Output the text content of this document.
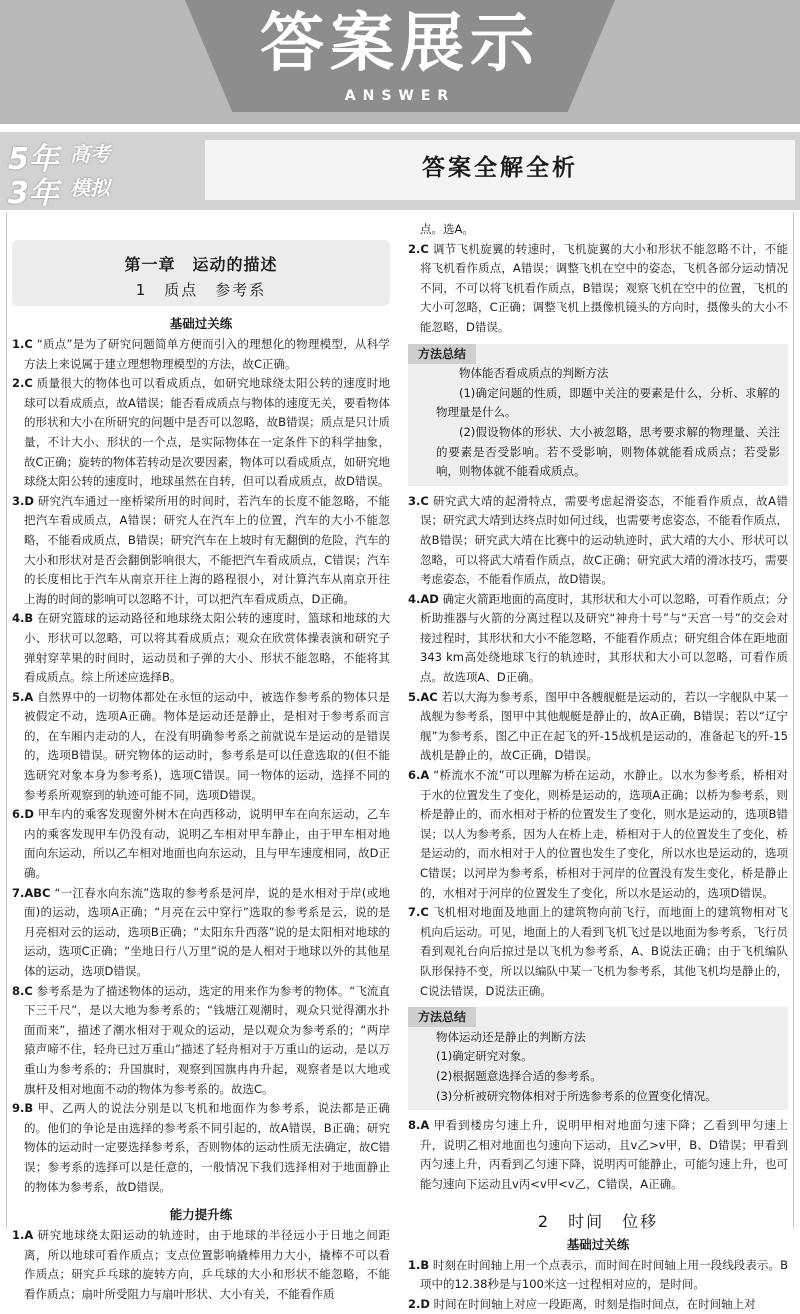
答案展示
ANSWER
5年 高考
3年 模拟
答案全解全析
第一章　运动的描述
1　质点　参考系
基础过关练

1.C “质点”是为了研究问题简单方便而引入的理想化的物理模型，从科学方法上来说属于建立理想物理模型的方法，故C正确。

2.C 质量很大的物体也可以看成质点，如研究地球绕太阳公转的速度时地球可以看成质点，故A错误；能否看成质点与物体的速度无关，要看物体的形状和大小在所研究的问题中是否可以忽略，故B错误；质点是只计质量，不计大小、形状的一个点，是实际物体在一定条件下的科学抽象，故C正确；旋转的物体若转动是次要因素，物体可以看成质点，如研究地球绕太阳公转的速度时，地球虽然在自转，但可以看成质点，故D错误。

3.D 研究汽车通过一座桥梁所用的时间时，若汽车的长度不能忽略，不能把汽车看成质点，A错误；研究人在汽车上的位置，汽车的大小不能忽略，不能看成质点，B错误；研究汽车在上坡时有无翻倒的危险，汽车的大小和形状对是否会翻倒影响很大，不能把汽车看成质点，C错误；汽车的长度相比于汽车从南京开往上海的路程很小，对计算汽车从南京开往上海的时间的影响可以忽略不计，可以把汽车看成质点，D正确。

4.B 在研究篮球的运动路径和地球绕太阳公转的速度时，篮球和地球的大小、形状可以忽略，可以将其看成质点；观众在欣赏体操表演和研究子弹射穿苹果的时间时，运动员和子弹的大小、形状不能忽略，不能将其看成质点。综上所述应选择B。

5.A 自然界中的一切物体都处在永恒的运动中，被选作参考系的物体只是被假定不动，选项A正确。物体是运动还是静止，是相对于参考系而言的，在车厢内走动的人，在没有明确参考系之前就说车是运动的是错误的，选项B错误。研究物体的运动时，参考系是可以任意选取的(但不能选研究对象本身为参考系)，选项C错误。同一物体的运动，选择不同的参考系所观察到的轨迹可能不同，选项D错误。

6.D 甲车内的乘客发现窗外树木在向西移动，说明甲车在向东运动，乙车内的乘客发现甲车仍没有动，说明乙车相对甲车静止，由于甲车相对地面向东运动，所以乙车相对地面也向东运动，且与甲车速度相同，故D正确。

7.ABC “一江春水向东流”选取的参考系是河岸，说的是水相对于岸(或地面)的运动，选项A正确；“月亮在云中穿行”选取的参考系是云，说的是月亮相对云的运动，选项B正确；“太阳东升西落”说的是太阳相对地球的运动，选项C正确；“坐地日行八万里”说的是人相对于地球以外的其他星体的运动，选项D错误。

8.C 参考系是为了描述物体的运动，选定的用来作为参考的物体。“飞流直下三千尺”，是以大地为参考系的；“钱塘江观潮时，观众只觉得潮水扑面而来”，描述了潮水相对于观众的运动，是以观众为参考系的；“两岸猿声啼不住，轻舟已过万重山”描述了轻舟相对于万重山的运动，是以万重山为参考系的；升国旗时，观察到国旗冉冉升起，观察者是以大地或旗杆及相对地面不动的物体为参考系的。故选C。

9.B 甲、乙两人的说法分别是以飞机和地面作为参考系，说法都是正确的。他们的争论是由选择的参考系不同引起的，故A错误，B正确；研究物体的运动时一定要选择参考系，否则物体的运动性质无法确定，故C错误；参考系的选择可以是任意的，一般情况下我们选择相对于地面静止的物体为参考系，故D错误。

能力提升练

1.A 研究地球绕太阳运动的轨迹时，由于地球的半径远小于日地之间距离，所以地球可看作质点；支点位置影响撬棒用力大小，撬棒不可以看作质点；研究乒乓球的旋转方向，乒乓球的大小和形状不能忽略，不能看作质点；扇叶所受阻力与扇叶形状、大小有关，不能看作质

点。选A。

2.C 调节飞机旋翼的转速时，飞机旋翼的大小和形状不能忽略不计，不能将飞机看作质点，A错误；调整飞机在空中的姿态，飞机各部分运动情况不同，不可以将飞机看作质点，B错误；观察飞机在空中的位置，飞机的大小可忽略，C正确；调整飞机上摄像机镜头的方向时，摄像头的大小不能忽略，D错误。

方法总结

物体能否看成质点的判断方法

(1)确定问题的性质，即题中关注的要素是什么，分析、求解的物理量是什么。

(2)假设物体的形状、大小被忽略，思考要求解的物理量、关注的要素是否受影响。若不受影响，则物体就能看成质点；若受影响，则物体就不能看成质点。

3.C 研究武大靖的起滑特点，需要考虑起滑姿态，不能看作质点，故A错误；研究武大靖到达终点时如何过线，也需要考虑姿态，不能看作质点，故B错误；研究武大靖在比赛中的运动轨迹时，武大靖的大小、形状可以忽略，可以将武大靖看作质点，故C正确；研究武大靖的滑冰技巧，需要考虑姿态，不能看作质点，故D错误。

4.AD 确定火箭距地面的高度时，其形状和大小可以忽略，可看作质点；分析助推器与火箭的分离过程以及研究“神舟十号”与“天宫一号”的交会对接过程时，其形状和大小不能忽略，不能看作质点；研究组合体在距地面343 km高处绕地球飞行的轨迹时，其形状和大小可以忽略，可看作质点。故选项A、D正确。

5.AC 若以大海为参考系，图甲中各艘舰艇是运动的，若以一字舰队中某一战舰为参考系，图甲中其他舰艇是静止的，故A正确，B错误；若以“辽宁舰”为参考系，图乙中正在起飞的歼-15战机是运动的，准备起飞的歼-15战机是静止的，故C正确，D错误。

6.A “桥流水不流”可以理解为桥在运动，水静止。以水为参考系，桥相对于水的位置发生了变化，则桥是运动的，选项A正确；以桥为参考系，则桥是静止的，而水相对于桥的位置发生了变化，则水是运动的，选项B错误；以人为参考系，因为人在桥上走，桥相对于人的位置发生了变化，桥是运动的，而水相对于人的位置也发生了变化，所以水也是运动的，选项C错误；以河岸为参考系，桥相对于河岸的位置没有发生变化，桥是静止的，水相对于河岸的位置发生了变化，所以水是运动的，选项D错误。

7.C 飞机相对地面及地面上的建筑物向前飞行，而地面上的建筑物相对飞机向后运动。可见，地面上的人看到飞机飞过是以地面为参考系，飞行员看到观礼台向后掠过是以飞机为参考系，A、B说法正确；由于飞机编队队形保持不变，所以以编队中某一飞机为参考系，其他飞机均是静止的，C说法错误，D说法正确。

方法总结

物体运动还是静止的判断方法

(1)确定研究对象。

(2)根据题意选择合适的参考系。

(3)分析被研究物体相对于所选参考系的位置变化情况。

8.A 甲看到楼房匀速上升，说明甲相对地面匀速下降；乙看到甲匀速上升，说明乙相对地面也匀速向下运动，且v乙>v甲，B、D错误；甲看到丙匀速上升，丙看到乙匀速下降，说明丙可能静止，可能匀速上升，也可能匀速向下运动且v丙<v甲<v乙，C错误，A正确。

2　时间　位移
基础过关练

1.B 时刻在时间轴上用一个点表示，而时间在时间轴上用一段线段表示。B项中的12.38秒是与100米这一过程相对应的，是时间。

2.D 时间在时间轴上对应一段距离，时刻是指时间点，在时间轴上对
